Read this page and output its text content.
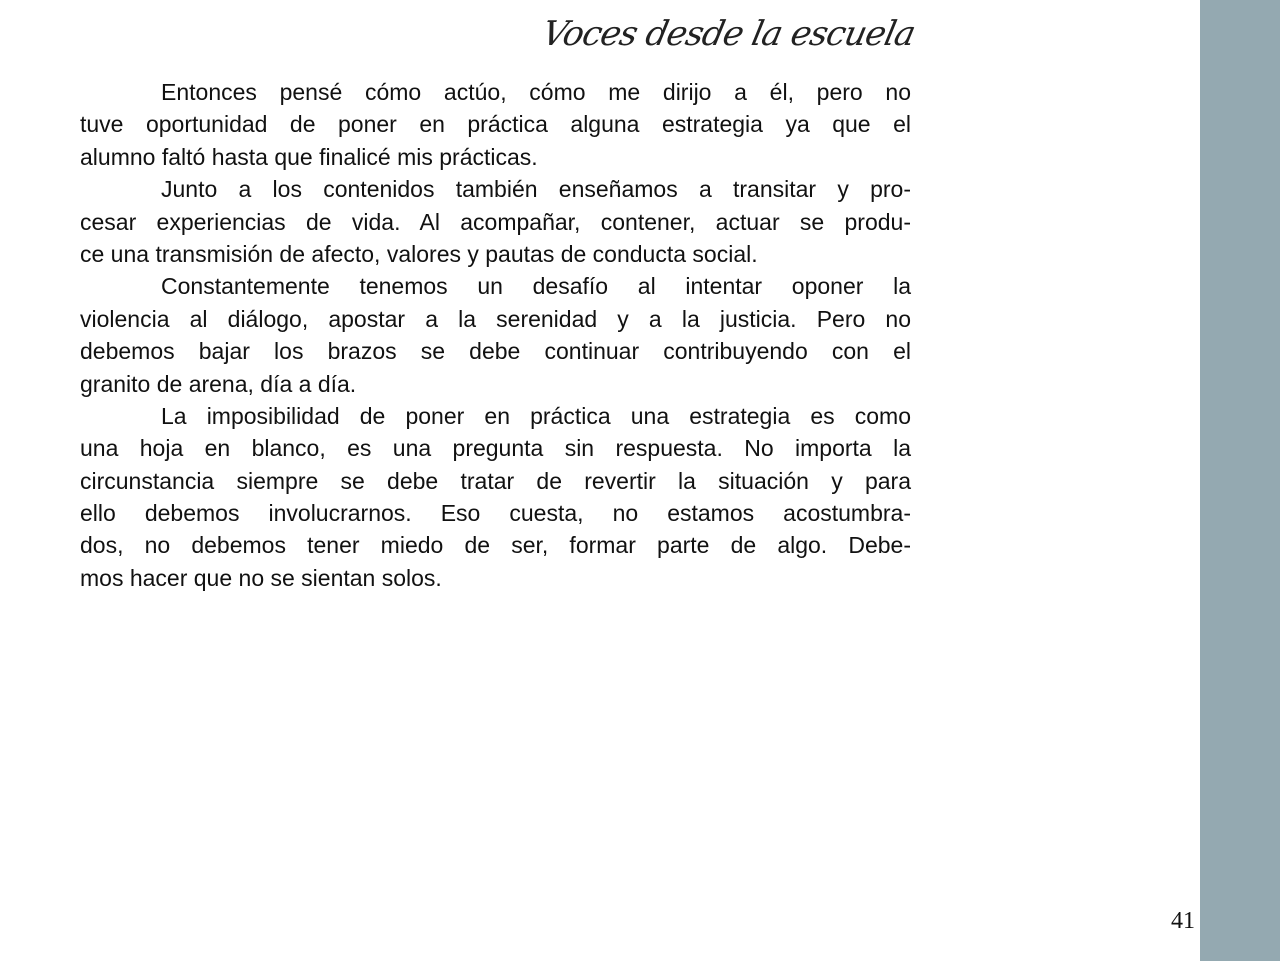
Voces desde la escuela
Entonces pensé cómo actúo, cómo me dirijo a él, pero no
tuve oportunidad de poner en práctica alguna estrategia ya que el
alumno faltó hasta que finalicé mis prácticas.
Junto a los contenidos también enseñamos a transitar y pro-
cesar experiencias de vida. Al acompañar, contener, actuar se produ-
ce una transmisión de afecto, valores y pautas de conducta social.
Constantemente tenemos un desafío al intentar oponer la
violencia al diálogo, apostar a la serenidad y a la justicia. Pero no
debemos bajar los brazos se debe continuar contribuyendo con el
granito de arena, día a día.
La imposibilidad de poner en práctica una estrategia es como
una hoja en blanco, es una pregunta sin respuesta. No importa la
circunstancia siempre se debe tratar de revertir la situación y para
ello debemos involucrarnos. Eso cuesta, no estamos acostumbra-
dos, no debemos tener miedo de ser, formar parte de algo. Debe-
mos hacer que no se sientan solos.
41
